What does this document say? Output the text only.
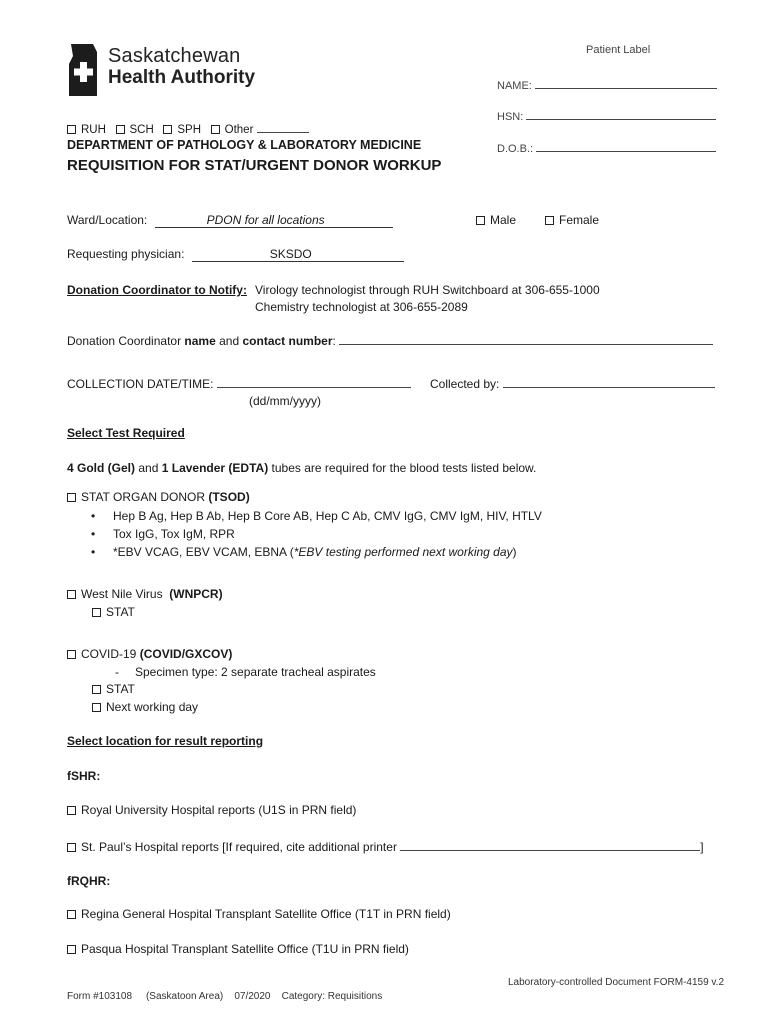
Saskatchewan
Health Authority
Patient Label
NAME:
HSN:
D.O.B.:
RUH SCH SPH Other
DEPARTMENT OF PATHOLOGY & LABORATORY MEDICINE
REQUISITION FOR STAT/URGENT DONOR WORKUP
Ward/Location:	PDON for all locations	Male	Female
Requesting physician:	SKSDO
Donation Coordinator to Notify: Virology technologist through RUH Switchboard at 306-655-1000
Chemistry technologist at 306-655-2089
Donation Coordinator name and contact number:
COLLECTION DATE/TIME:
(dd/mm/yyyy)
Collected by:
Select Test Required
4 Gold (Gel) and 1 Lavender (EDTA) tubes are required for the blood tests listed below.
STAT ORGAN DONOR (TSOD)
• Hep B Ag, Hep B Ab, Hep B Core AB, Hep C Ab, CMV IgG, CMV IgM, HIV, HTLV
• Tox IgG, Tox IgM, RPR
• *EBV VCAG, EBV VCAM, EBNA (*EBV testing performed next working day)
West Nile Virus (WNPCR)
STAT
COVID-19 (COVID/GXCOV)
- Specimen type: 2 separate tracheal aspirates
STAT
Next working day
Select location for result reporting
fSHR:
Royal University Hospital reports (U1S in PRN field)
St. Paul’s Hospital reports [If required, cite additional printer	]
fRQHR:
Regina General Hospital Transplant Satellite Office (T1T in PRN field)
Pasqua Hospital Transplant Satellite Office (T1U in PRN field)
Laboratory-controlled Document FORM-4159 v.2
Form #103108 (Saskatoon Area) 07/2020 Category: Requisitions
